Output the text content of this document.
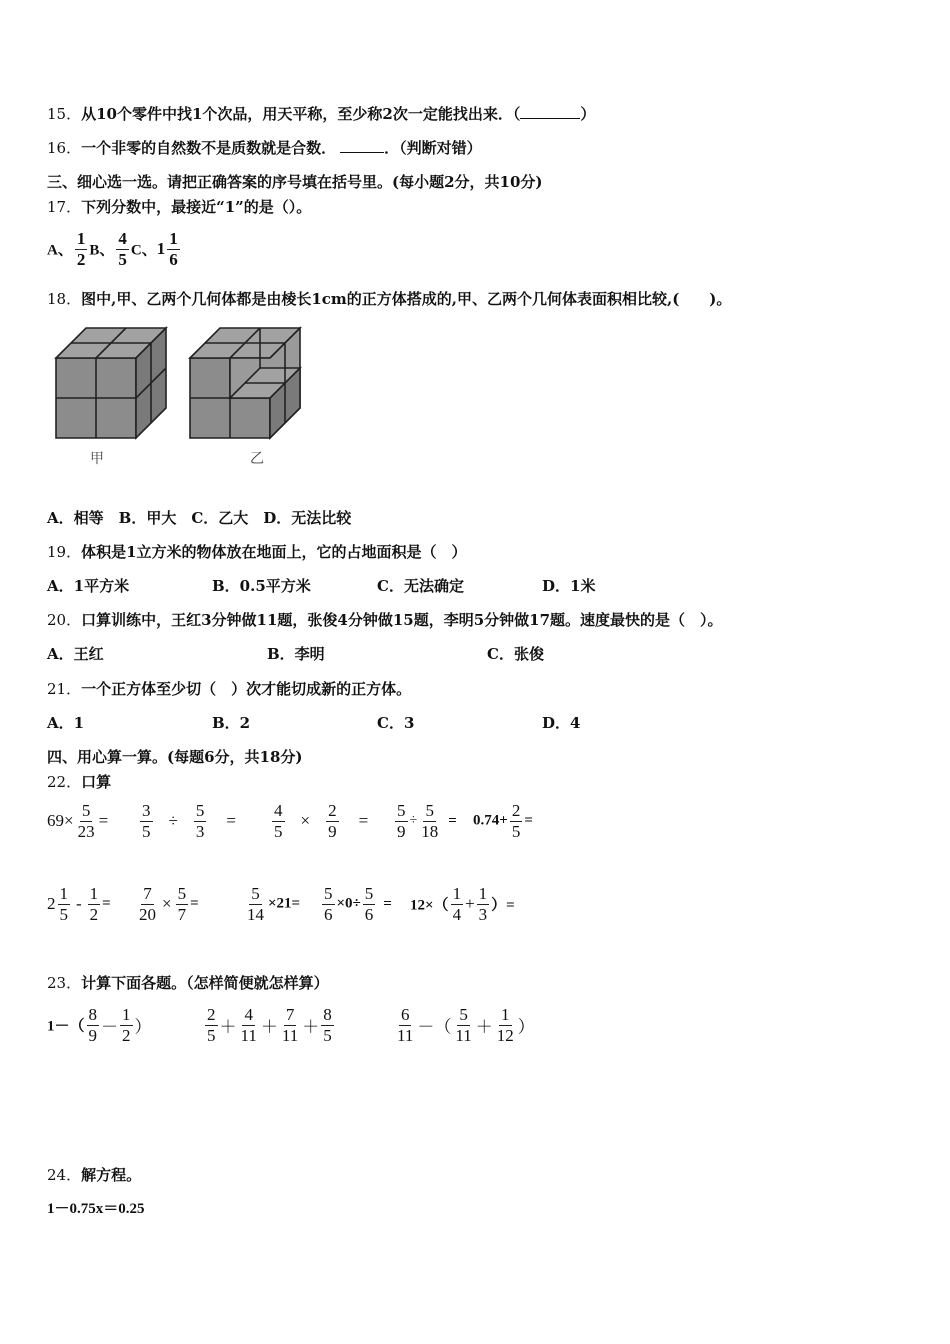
15．从10个零件中找1个次品，用天平称，至少称2次一定能找出来．（	）
16．一个非零的自然数不是质数就是合数．	．（判断对错）
三、细心选一选。请把正确答案的序号填在括号里。(每小题2分，共10分)
17．下列分数中，最接近“1”的是（）。
A、 $\frac{1}{2}$ B、 $\frac{4}{5}$ C、$1 \frac{1}{6}$
18．图中,甲、乙两个几何体都是由棱长1cm的正方体搭成的,甲、乙两个几何体表面积相比较,(　　)。
甲	乙
A．相等　B．甲大　C．乙大　D．无法比较
19．体积是1立方米的物体放在地面上，它的占地面积是（　）
A．1平方米	B．0.5平方米	C．无法确定	D．1米
20．口算训练中，王红3分钟做11题，张俊4分钟做15题，李明5分钟做17题。速度最快的是（　）。
A．王红	B．李明	C．张俊
21．一个正方体至少切（　）次才能切成新的正方体。
A．1	B．2	C．3	D．4
四、用心算一算。(每题6分，共18分)
22．口算
$69\times \frac{5}{23} = \frac{3}{5} \div \frac{5}{3} = \frac{4}{5} \times \frac{2}{9} = \frac{5}{9} \div \frac{5}{18} = 0.74+ \frac{2}{5}$ =
$2 \frac{1}{5} - \frac{1}{2} = \frac{7}{20} \times \frac{5}{7}$ =	$\frac{5}{14} \times 21= \frac{5}{6} \times 0\div \frac{5}{6} = 12\times( \frac{1}{4} + \frac{1}{3}$ ）=
23．计算下面各题。（怎样简便就怎样算）
$1-( \frac{8}{9} - \frac{1}{2}$ ）	$\frac{2}{5} + \frac{4}{11} + \frac{7}{11} + \frac{8}{5}$	$\frac{6}{11}$ －（ $\frac{5}{11} + \frac{1}{12}$ ）
24．解方程。
1－0.75x＝0.25
